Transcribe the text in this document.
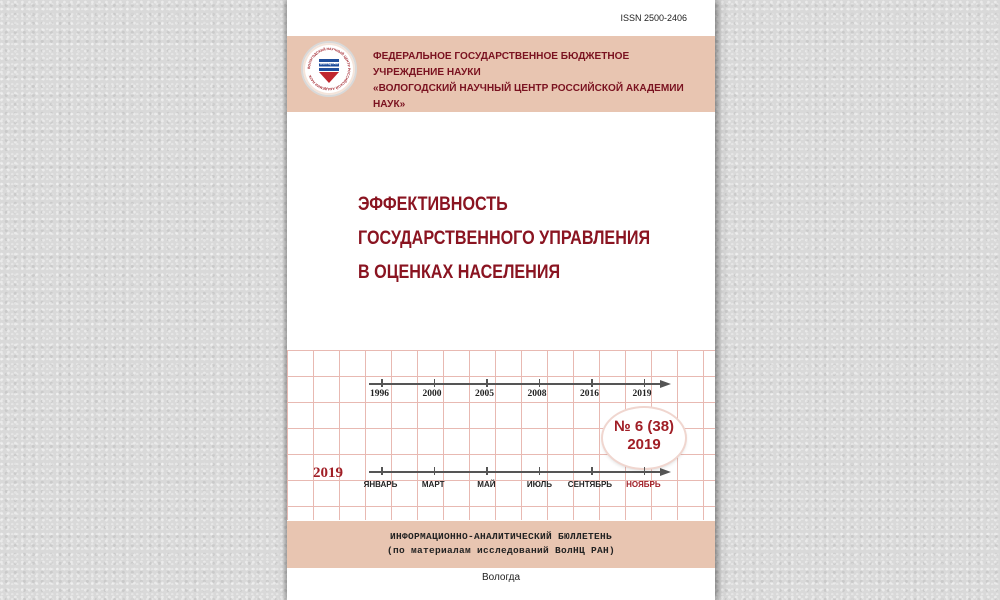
ISSN 2500-2406
ВОЛОГОДСКИЙ НАУЧНЫЙ ЦЕНТР РОССИЙСКОЙ АКАДЕМИИ НАУК
ВолНЦ РАН
ФЕДЕРАЛЬНОЕ ГОСУДАРСТВЕННОЕ БЮДЖЕТНОЕ УЧРЕЖДЕНИЕ НАУКИ
«ВОЛОГОДСКИЙ НАУЧНЫЙ ЦЕНТР РОССИЙСКОЙ АКАДЕМИИ НАУК»
ЭФФЕКТИВНОСТЬ
ГОСУДАРСТВЕННОГО УПРАВЛЕНИЯ
В ОЦЕНКАХ НАСЕЛЕНИЯ
2019
№ 6 (38)
2019
ИНФОРМАЦИОННО-АНАЛИТИЧЕСКИЙ БЮЛЛЕТЕНЬ
(по материалам исследований ВолНЦ РАН)
Вологда
1996	2000	2005	2008	2016	2019
ЯНВАРЬ	МАРТ	МАЙ	ИЮЛЬ СЕНТЯБРЬ НОЯБРЬ
